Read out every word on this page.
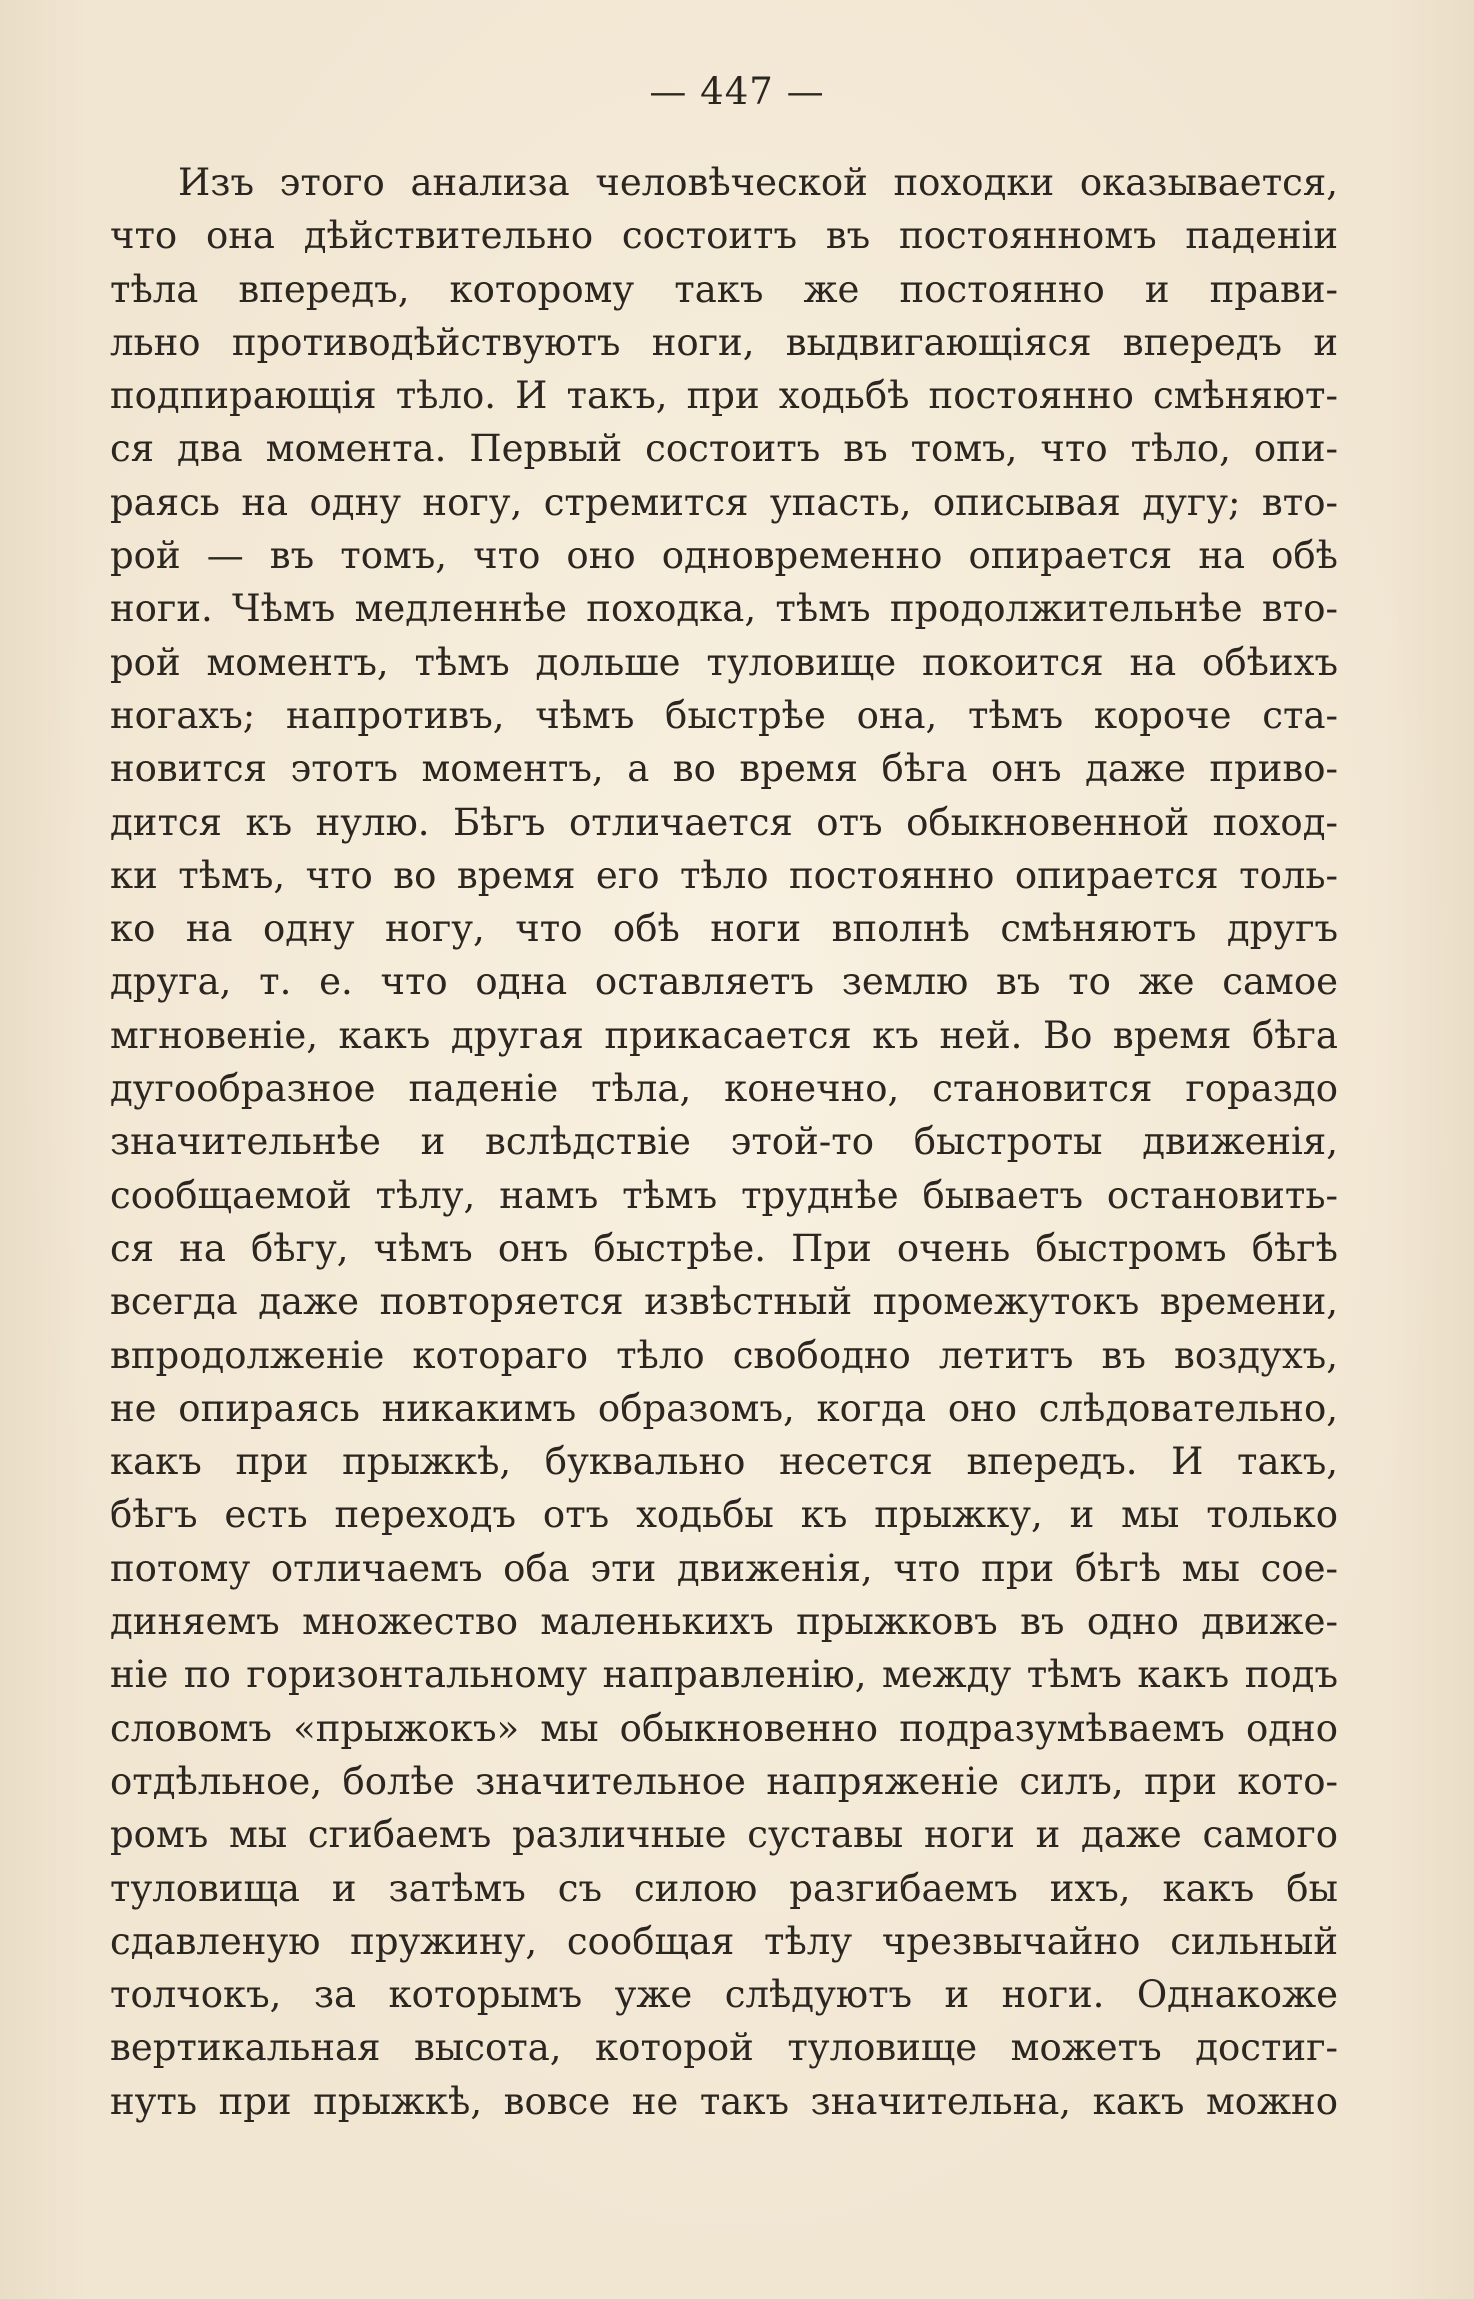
— 447 —
Изъ этого анализа человѣческой походки оказывается,
что она дѣйствительно состоитъ въ постоянномъ паденіи
тѣла впередъ, которому такъ же постоянно и прави-
льно противодѣйствуютъ ноги, выдвигающіяся впередъ и
подпирающія тѣло. И такъ, при ходьбѣ постоянно смѣняют-
ся два момента. Первый состоитъ въ томъ, что тѣло, опи-
раясь на одну ногу, стремится упасть, описывая дугу; вто-
рой — въ томъ, что оно одновременно опирается на обѣ
ноги. Чѣмъ медленнѣе походка, тѣмъ продолжительнѣе вто-
рой моментъ, тѣмъ дольше туловище покоится на обѣихъ
ногахъ; напротивъ, чѣмъ быстрѣе она, тѣмъ короче ста-
новится этотъ моментъ, а во время бѣга онъ даже приво-
дится къ нулю. Бѣгъ отличается отъ обыкновенной поход-
ки тѣмъ, что во время его тѣло постоянно опирается толь-
ко на одну ногу, что обѣ ноги вполнѣ смѣняютъ другъ
друга, т. е. что одна оставляетъ землю въ то же самое
мгновеніе, какъ другая прикасается къ ней. Во время бѣга
дугообразное паденіе тѣла, конечно, становится гораздо
значительнѣе и вслѣдствіе этой-то быстроты движенія,
сообщаемой тѣлу, намъ тѣмъ труднѣе бываетъ остановить-
ся на бѣгу, чѣмъ онъ быстрѣе. При очень быстромъ бѣгѣ
всегда даже повторяется извѣстный промежутокъ времени,
впродолженіе котораго тѣло свободно летитъ въ воздухъ,
не опираясь никакимъ образомъ, когда оно слѣдовательно,
какъ при прыжкѣ, буквально несется впередъ. И такъ,
бѣгъ есть переходъ отъ ходьбы къ прыжку, и мы только
потому отличаемъ оба эти движенія, что при бѣгѣ мы сое-
диняемъ множество маленькихъ прыжковъ въ одно движе-
ніе по горизонтальному направленію, между тѣмъ какъ подъ
словомъ «прыжокъ» мы обыкновенно подразумѣваемъ одно
отдѣльное, болѣе значительное напряженіе силъ, при кото-
ромъ мы сгибаемъ различные суставы ноги и даже самого
туловища и затѣмъ съ силою разгибаемъ ихъ, какъ бы
сдавленую пружину, сообщая тѣлу чрезвычайно сильный
толчокъ, за которымъ уже слѣдуютъ и ноги. Однакоже
вертикальная высота, которой туловище можетъ достиг-
нуть при прыжкѣ, вовсе не такъ значительна, какъ можно
